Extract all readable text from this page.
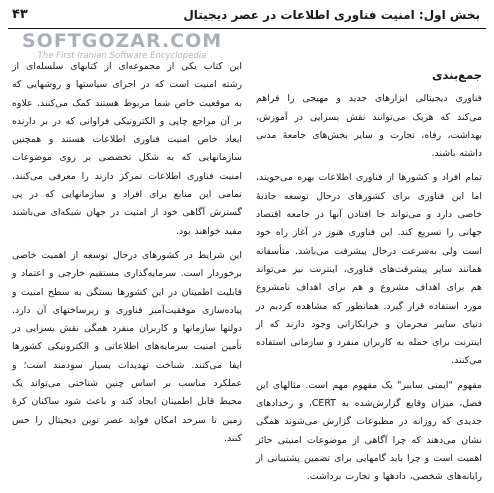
۴۳	بخش اول: امنیت فناوری اطلاعات در عصر دیجیتال
SOFTGOZAR.COM
The First Iranian Software Encyclopedia
جمع‌بندی

فناوری دیجیتالی ابزارهای جدید و مهیجی را فراهم می‌کند که هریک می‌توانند نقش بسزایی در آموزش، بهداشت، رفاه، تجارت و سایر بخش‌های جامعهٔ مدنی داشته باشند.

تمام افراد و کشورها از فناوری اطلاعات بهره می‌جویند، اما این فناوری برای کشورهای درحال توسعه جاذبهٔ خاصی دارد و می‌تواند جا افتادن آنها در جامعه اقتصاد جهانی را تسریع کند. این فناوری هنوز در آغاز راه خود است ولی به‌سرعت درحال پیشرفت می‌باشد. متأسفانه همانند سایر پیشرفت‌های فناوری، اینترنت نیز می‌تواند هم برای اهداف مشروع و هم برای اهداف نامشروع مورد استفاده قرار گیرد. همانطور که مشاهده کردیم در دنیای سایبر مجرمان و خرابکارانی وجود دارند که از اینترنت برای حمله به کاربران منفرد و سازمانی استفاده می‌کنند.

مفهوم "ایمنی سایبر" یک مفهوم مهم است. مثالهای این فصل، میزان وقایع گزارش‌شده به CERT، و رخدادهای جدیدی که روزانه در مطبوعات گزارش می‌شوند همگی نشان می‌دهند که چرا آگاهی از موضوعات امنیتی حائز اهمیت است و چرا باید گامهایی برای تضمین پشتیبانی از رایانه‌های شخصی، دادهها و تجارت برداشت.

این کتاب یکی از مجموعه‌ای از کتابهای سلسله‌ای از رشته امنیت است که در اجرای سیاستها و روشهایی که به موقعیت خاص شما مربوط هستند کمک می‌کنند. علاوه بر آن مراجع چاپی و الکترونیکی فراوانی که در بر دارنده ابعاد خاص امنیت فناوری اطلاعات هستند و همچنین سازمانهایی که به شکل تخصصی بر روی موضوعات امنیت فناوری اطلاعات تمرکز دارند را معرفی می‌کنند. تمامی این منابع برای افراد و سازمانهایی که در پی گسترش آگاهی خود از امنیت در جهان شبکه‌ای می‌باشند مفید خواهند بود.

این شرایط در کشورهای درحال توسعه از اهمیت خاصی برخوردار است. سرمایه‌گذاری مستقیم خارجی و اعتماد و قابلیت اطمینان در این کشورها بستگی به سطح امنیت و پیاده‌سازی موفقیت‌آمیز فناوری و زیرساختهای آن دارد. دولتها سازمانها و کاربران منفرد همگی نقش بسزایی در تأمین امنیت سرمایه‌های اطلاعاتی و الکترونیکی کشورها ایفا می‌کنند. شناخت تهدیدات بسیار سودمند است؛ و عملکرد مناسب بر اساس چنین شناختی می‌تواند یک محیط قابل اطمینان ایجاد کند و باعث شود ساکنان کرهٔ زمین تا سرحد امکان فواید عصر نوین دیجیتال را حس کنند.
